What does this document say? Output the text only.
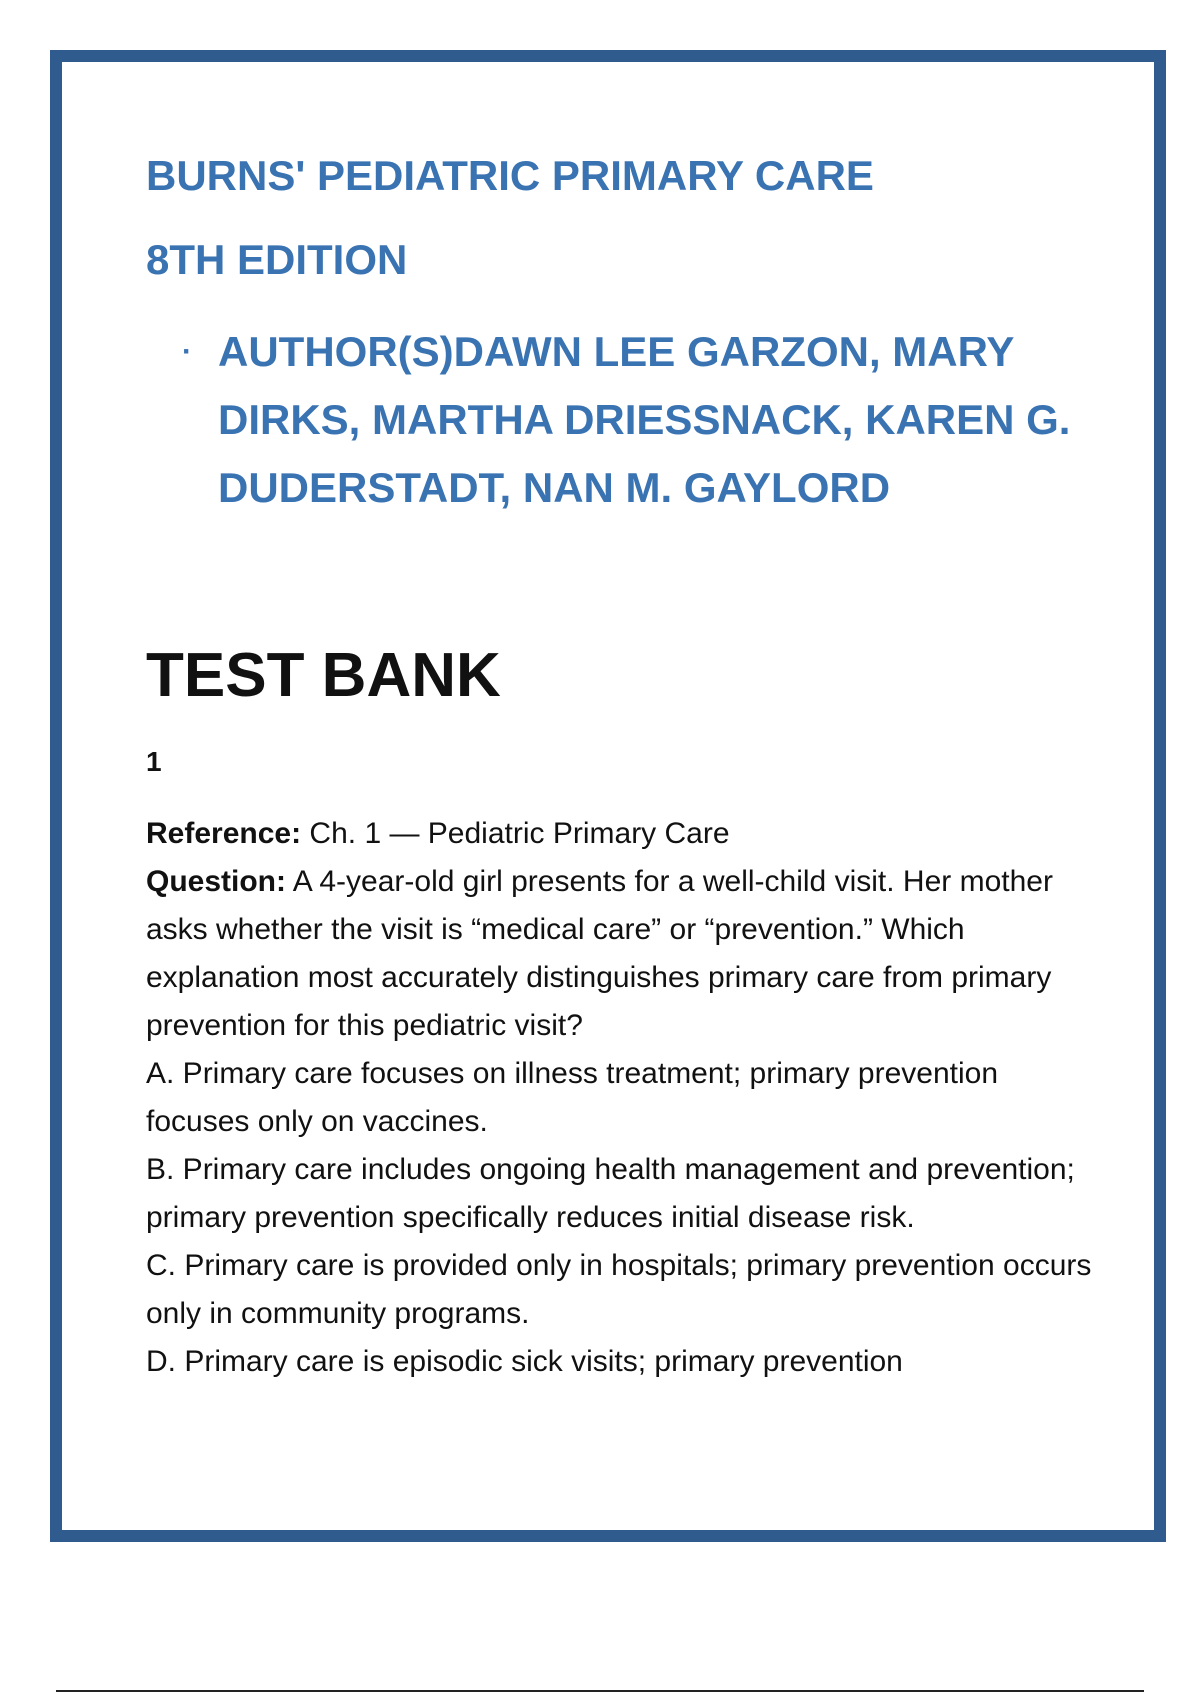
BURNS' PEDIATRIC PRIMARY CARE
8TH EDITION
· AUTHOR(S)DAWN LEE GARZON, MARY DIRKS, MARTHA DRIESSNACK, KAREN G. DUDERSTADT, NAN M. GAYLORD
TEST BANK
1

Reference: Ch. 1 — Pediatric Primary Care

Question: A 4-year-old girl presents for a well-child visit. Her mother asks whether the visit is “medical care” or “prevention.” Which explanation most accurately distinguishes primary care from primary prevention for this pediatric visit?

A. Primary care focuses on illness treatment; primary prevention focuses only on vaccines.

B. Primary care includes ongoing health management and prevention; primary prevention specifically reduces initial disease risk.

C. Primary care is provided only in hospitals; primary prevention occurs only in community programs.

D. Primary care is episodic sick visits; primary prevention
